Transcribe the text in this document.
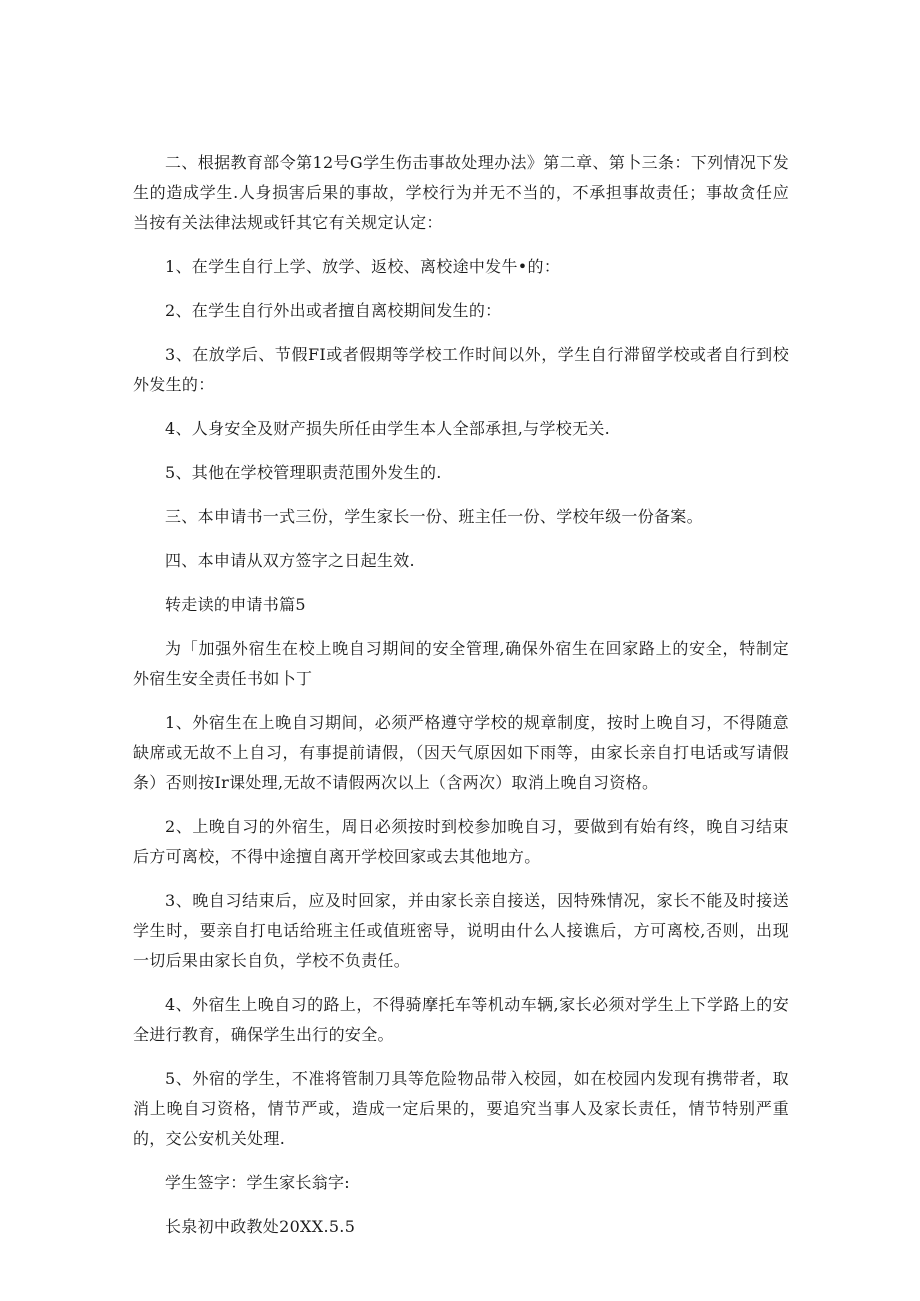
二、根据教育部令第12号G学生伤击事故处理办法》第二章、第卜三条：下列情况下发生的造成学生.人身损害后果的事故，学校行为并无不当的，不承担事故责任；事故贪任应当按有关法律法规或钎其它有关规定认定：

1、在学生自行上学、放学、返校、离校途中发牛•的：

2、在学生自行外出或者擅自离校期间发生的：

3、在放学后、节假FI或者假期等学校工作时间以外，学生自行滞留学校或者自行到校外发生的：

4、人身安全及财产损失所任由学生本人全部承担,与学校无关.

5、其他在学校管理职责范围外发生的.

三、本申请书一式三份，学生家长一份、班主任一份、学校年级一份备案。

四、本申请从双方签字之日起生效.

转走读的申请书篇5

为「加强外宿生在校上晚自习期间的安全管理,确保外宿生在回家路上的安全，特制定外宿生安全责任书如卜丁

1、外宿生在上晚自习期间，必须严格遵守学校的规章制度，按时上晚自习，不得随意缺席或无故不上自习，有事提前请假，（因天气原因如下雨等，由家长亲自打电话或写请假条）否则按Ir课处理,无故不请假两次以上（含两次）取消上晚自习资格。

2、上晚自习的外宿生，周日必须按时到校参加晚自习，要做到有始有终，晚自习结束后方可离校，不得中途擅自离开学校回家或去其他地方。

3、晚自习结束后，应及时回家，并由家长亲自接送，因特殊情况，家长不能及时接送学生时，要亲自打电话给班主任或值班密导，说明由什么人接谯后，方可离校,否则，出现一切后果由家长自负，学校不负责任。

4、外宿生上晚自习的路上，不得骑摩托车等机动车辆,家长必须对学生上下学路上的安全进行教育，确保学生出行的安全。

5、外宿的学生，不准将管制刀具等危险物品带入校园，如在校园内发现有携带者，取消上晚自习资格，情节严或，造成一定后果的，要追究当事人及家长责任，情节特别严重的，交公安机关处理.

学生签字：学生家长翁字:

长泉初中政教处20XX.5.5
